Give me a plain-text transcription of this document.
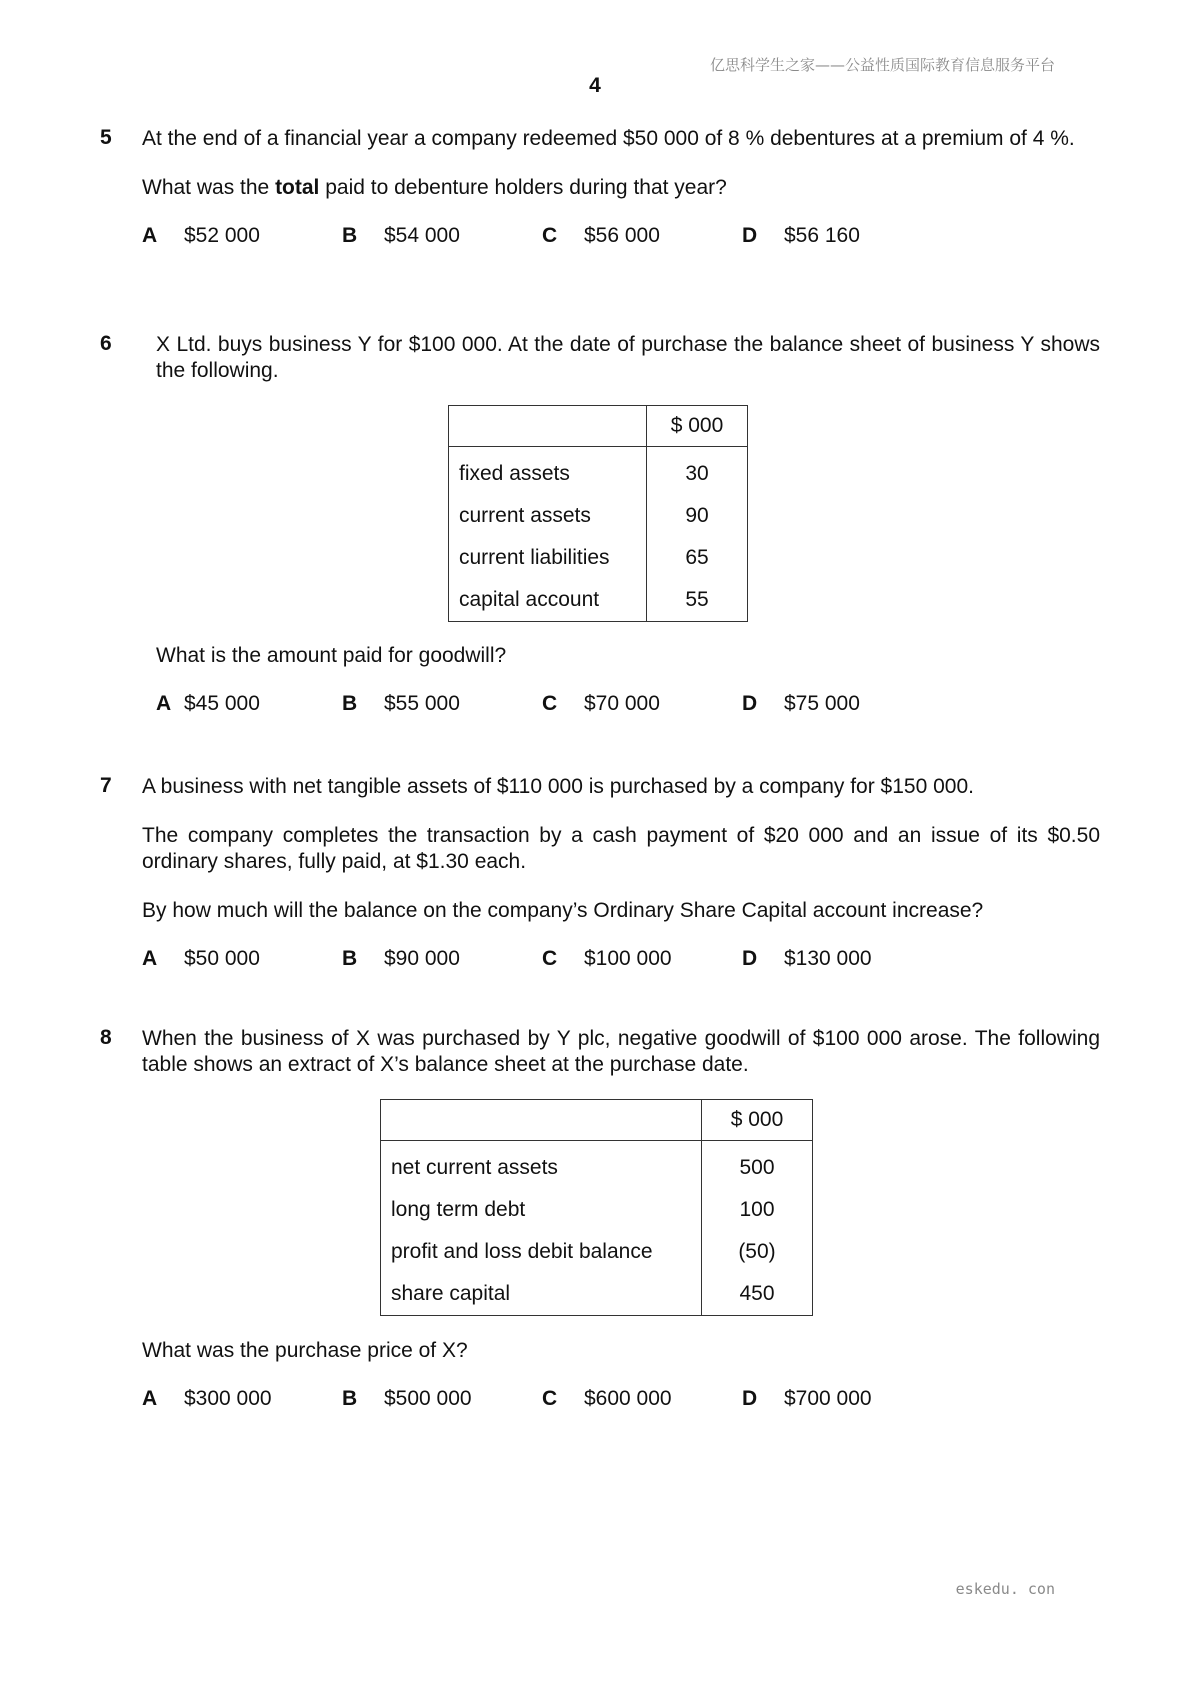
亿思科学生之家——公益性质国际教育信息服务平台
4
5 At the end of a financial year a company redeemed $50 000 of 8 % debentures at a premium of 4 %.

What was the total paid to debenture holders during that year?

A $52 000	B $54 000	C $56 000	D $56 160
6 X Ltd. buys business Y for $100 000. At the date of purchase the balance sheet of business Y shows the following.

	$ 000
fixed assets	30
current assets	90
current liabilities	65
capital account	55

What is the amount paid for goodwill?

A $45 000	B $55 000	C $70 000	D $75 000
7 A business with net tangible assets of $110 000 is purchased by a company for $150 000.

The company completes the transaction by a cash payment of $20 000 and an issue of its $0.50 ordinary shares, fully paid, at $1.30 each.

By how much will the balance on the company’s Ordinary Share Capital account increase?

A $50 000	B $90 000	C $100 000	D $130 000
8 When the business of X was purchased by Y plc, negative goodwill of $100 000 arose. The following table shows an extract of X’s balance sheet at the purchase date.

	$ 000
net current assets	500
long term debt	100
profit and loss debit balance	(50)
share capital	450

What was the purchase price of X?

A $300 000	B $500 000	C $600 000	D $700 000
eskedu. con
